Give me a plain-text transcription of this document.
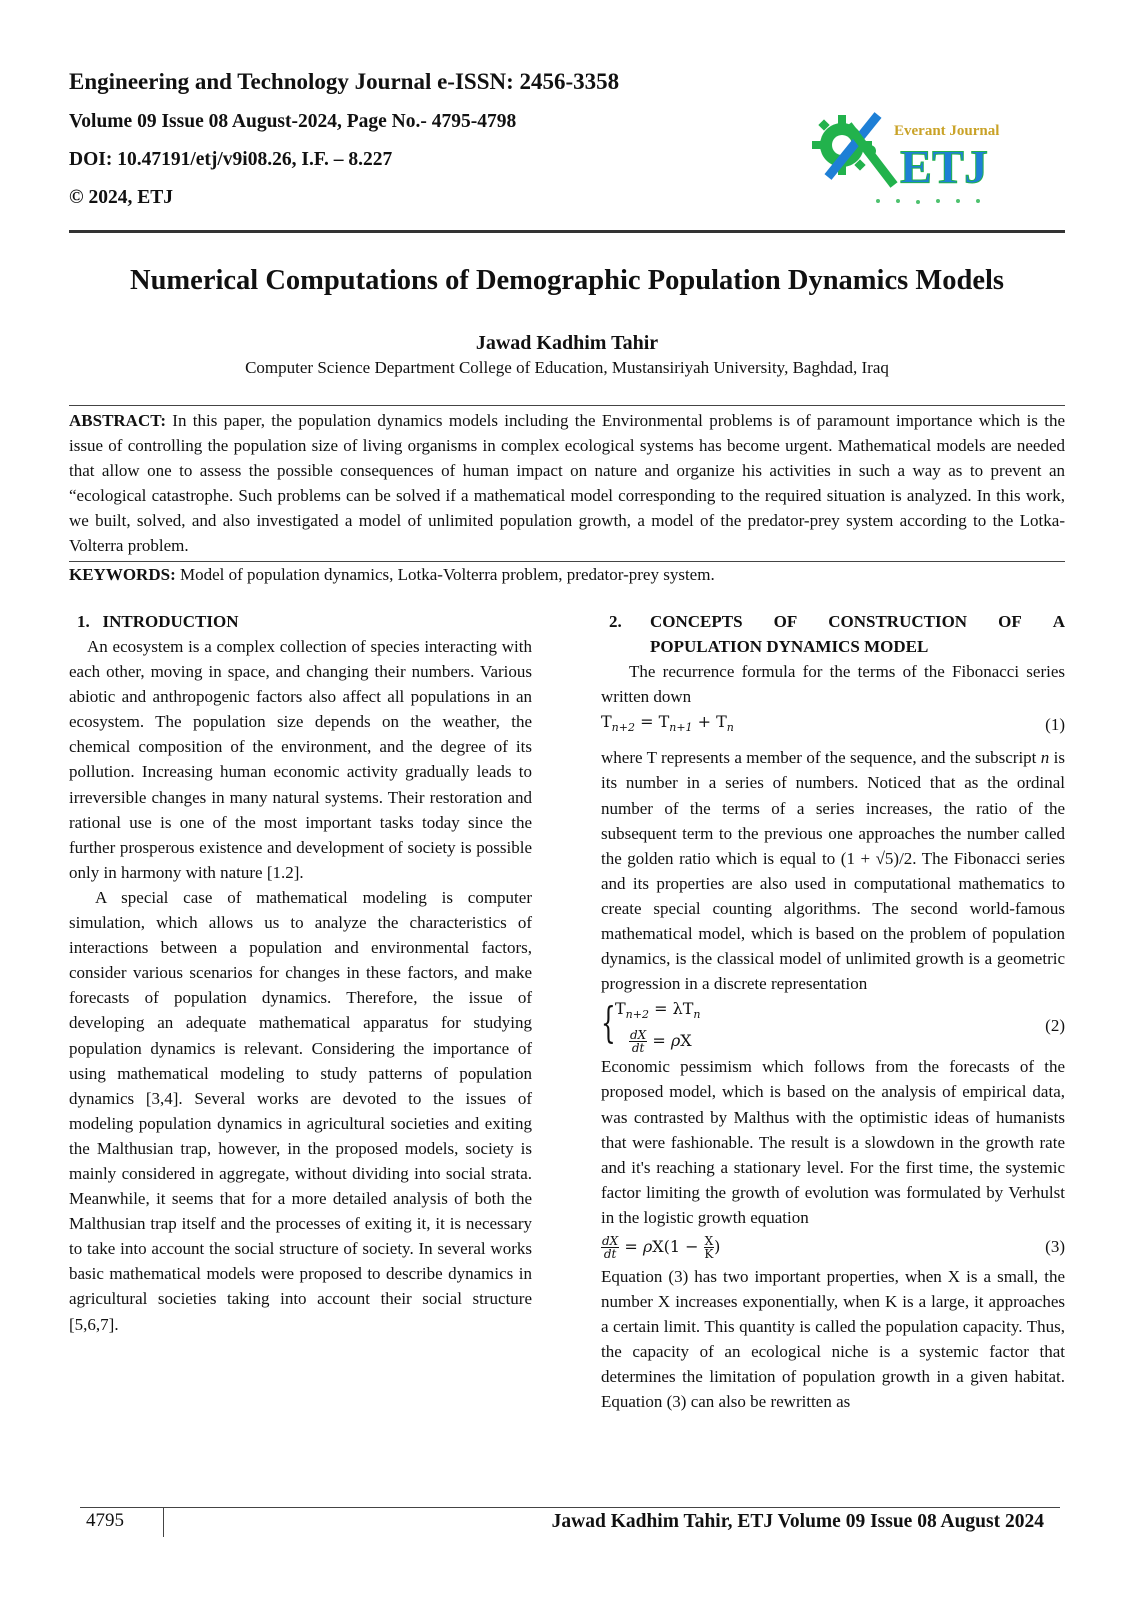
Engineering and Technology Journal e-ISSN: 2456-3358
Volume 09 Issue 08 August-2024, Page No.- 4795-4798
DOI: 10.47191/etj/v9i08.26, I.F. – 8.227
© 2024, ETJ
Everant Journal
ETJ
Numerical Computations of Demographic Population Dynamics Models
Jawad Kadhim Tahir
Computer Science Department College of Education, Mustansiriyah University, Baghdad, Iraq
ABSTRACT: In this paper, the population dynamics models including the Environmental problems is of paramount importance which is the issue of controlling the population size of living organisms in complex ecological systems has become urgent. Mathematical models are needed that allow one to assess the possible consequences of human impact on nature and organize his activities in such a way as to prevent an “ecological catastrophe. Such problems can be solved if a mathematical model corresponding to the required situation is analyzed. In this work, we built, solved, and also investigated a model of unlimited population growth, a model of the predator-prey system according to the Lotka-Volterra problem.
KEYWORDS: Model of population dynamics, Lotka-Volterra problem, predator-prey system.
1.   INTRODUCTION

An ecosystem is a complex collection of species interacting with each other, moving in space, and changing their numbers. Various abiotic and anthropogenic factors also affect all populations in an ecosystem. The population size depends on the weather, the chemical composition of the environment, and the degree of its pollution. Increasing human economic activity gradually leads to irreversible changes in many natural systems. Their restoration and rational use is one of the most important tasks today since the further prosperous existence and development of society is possible only in harmony with nature [1.2].

A special case of mathematical modeling is computer simulation, which allows us to analyze the characteristics of interactions between a population and environmental factors, consider various scenarios for changes in these factors, and make forecasts of population dynamics. Therefore, the issue of developing an adequate mathematical apparatus for studying population dynamics is relevant. Considering the importance of using mathematical modeling to study patterns of population dynamics [3,4]. Several works are devoted to the issues of modeling population dynamics in agricultural societies and exiting the Malthusian trap, however, in the proposed models, society is mainly considered in aggregate, without dividing into social strata. Meanwhile, it seems that for a more detailed analysis of both the Malthusian trap itself and the processes of exiting it, it is necessary to take into account the social structure of society. In several works basic mathematical models were proposed to describe dynamics in agricultural societies taking into account their social structure [5,6,7].

2.	CONCEPTS OF CONSTRUCTION OF A
POPULATION DYNAMICS MODEL

The recurrence formula for the terms of the Fibonacci series written down

$T_{n+2} = T_{n+1} + T_n$	(1)

where T represents a member of the sequence, and the subscript n is its number in a series of numbers. Noticed that as the ordinal number of the terms of a series increases, the ratio of the subsequent term to the previous one approaches the number called the golden ratio which is equal to (1 + √5)/2. The Fibonacci series and its properties are also used in computational mathematics to create special counting algorithms. The second world-famous mathematical model, which is based on the problem of population dynamics, is the classical model of unlimited growth is a geometric progression in a discrete representation

{ $T_{n+2} = \lambda T_n$
$\frac{dX}{dt} = \rho X$
(2)

Economic pessimism which follows from the forecasts of the proposed model, which is based on the analysis of empirical data, was contrasted by Malthus with the optimistic ideas of humanists that were fashionable. The result is a slowdown in the growth rate and it's reaching a stationary level. For the first time, the systemic factor limiting the growth of evolution was formulated by Verhulst in the logistic growth equation

$\frac{dX}{dt} = \rho X(1 - \frac{X}{K}$ )	(3)

Equation (3) has two important properties, when X is a small, the number X increases exponentially, when K is a large, it approaches a certain limit. This quantity is called the population capacity. Thus, the capacity of an ecological niche is a systemic factor that determines the limitation of population growth in a given habitat. Equation (3) can also be rewritten as

4795	Jawad Kadhim Tahir, ETJ Volume 09 Issue 08 August 2024
